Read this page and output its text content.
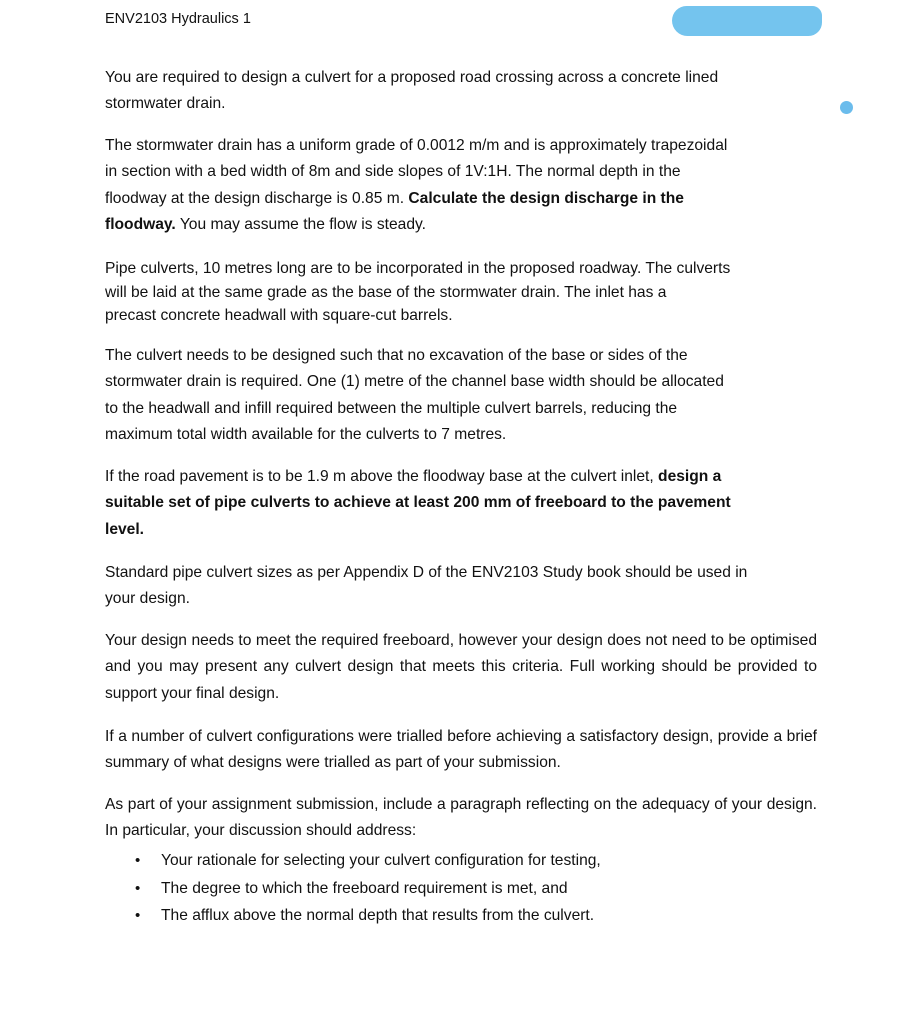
ENV2103 Hydraulics 1

You are required to design a culvert for a proposed road crossing across a concrete lined
stormwater drain.

The stormwater drain has a uniform grade of 0.0012 m/m and is approximately trapezoidal
in section with a bed width of 8m and side slopes of 1V:1H. The normal depth in the
floodway at the design discharge is 0.85 m. Calculate the design discharge in the
floodway. You may assume the flow is steady.

Pipe culverts, 10 metres long are to be incorporated in the proposed roadway. The culverts
will be laid at the same grade as the base of the stormwater drain. The inlet has a
precast concrete headwall with square-cut barrels.

The culvert needs to be designed such that no excavation of the base or sides of the
stormwater drain is required. One (1) metre of the channel base width should be allocated
to the headwall and infill required between the multiple culvert barrels, reducing the
maximum total width available for the culverts to 7 metres.

If the road pavement is to be 1.9 m above the floodway base at the culvert inlet, design a
suitable set of pipe culverts to achieve at least 200 mm of freeboard to the pavement
level.

Standard pipe culvert sizes as per Appendix D of the ENV2103 Study book should be used in
your design.

Your design needs to meet the required freeboard, however your design does not need to be optimised and you may present any culvert design that meets this criteria. Full working should be provided to support your final design.

If a number of culvert configurations were trialled before achieving a satisfactory design, provide a brief summary of what designs were trialled as part of your submission.

As part of your assignment submission, include a paragraph reflecting on the adequacy of your design. In particular, your discussion should address:

• Your rationale for selecting your culvert configuration for testing,
• The degree to which the freeboard requirement is met, and
• The afflux above the normal depth that results from the culvert.
